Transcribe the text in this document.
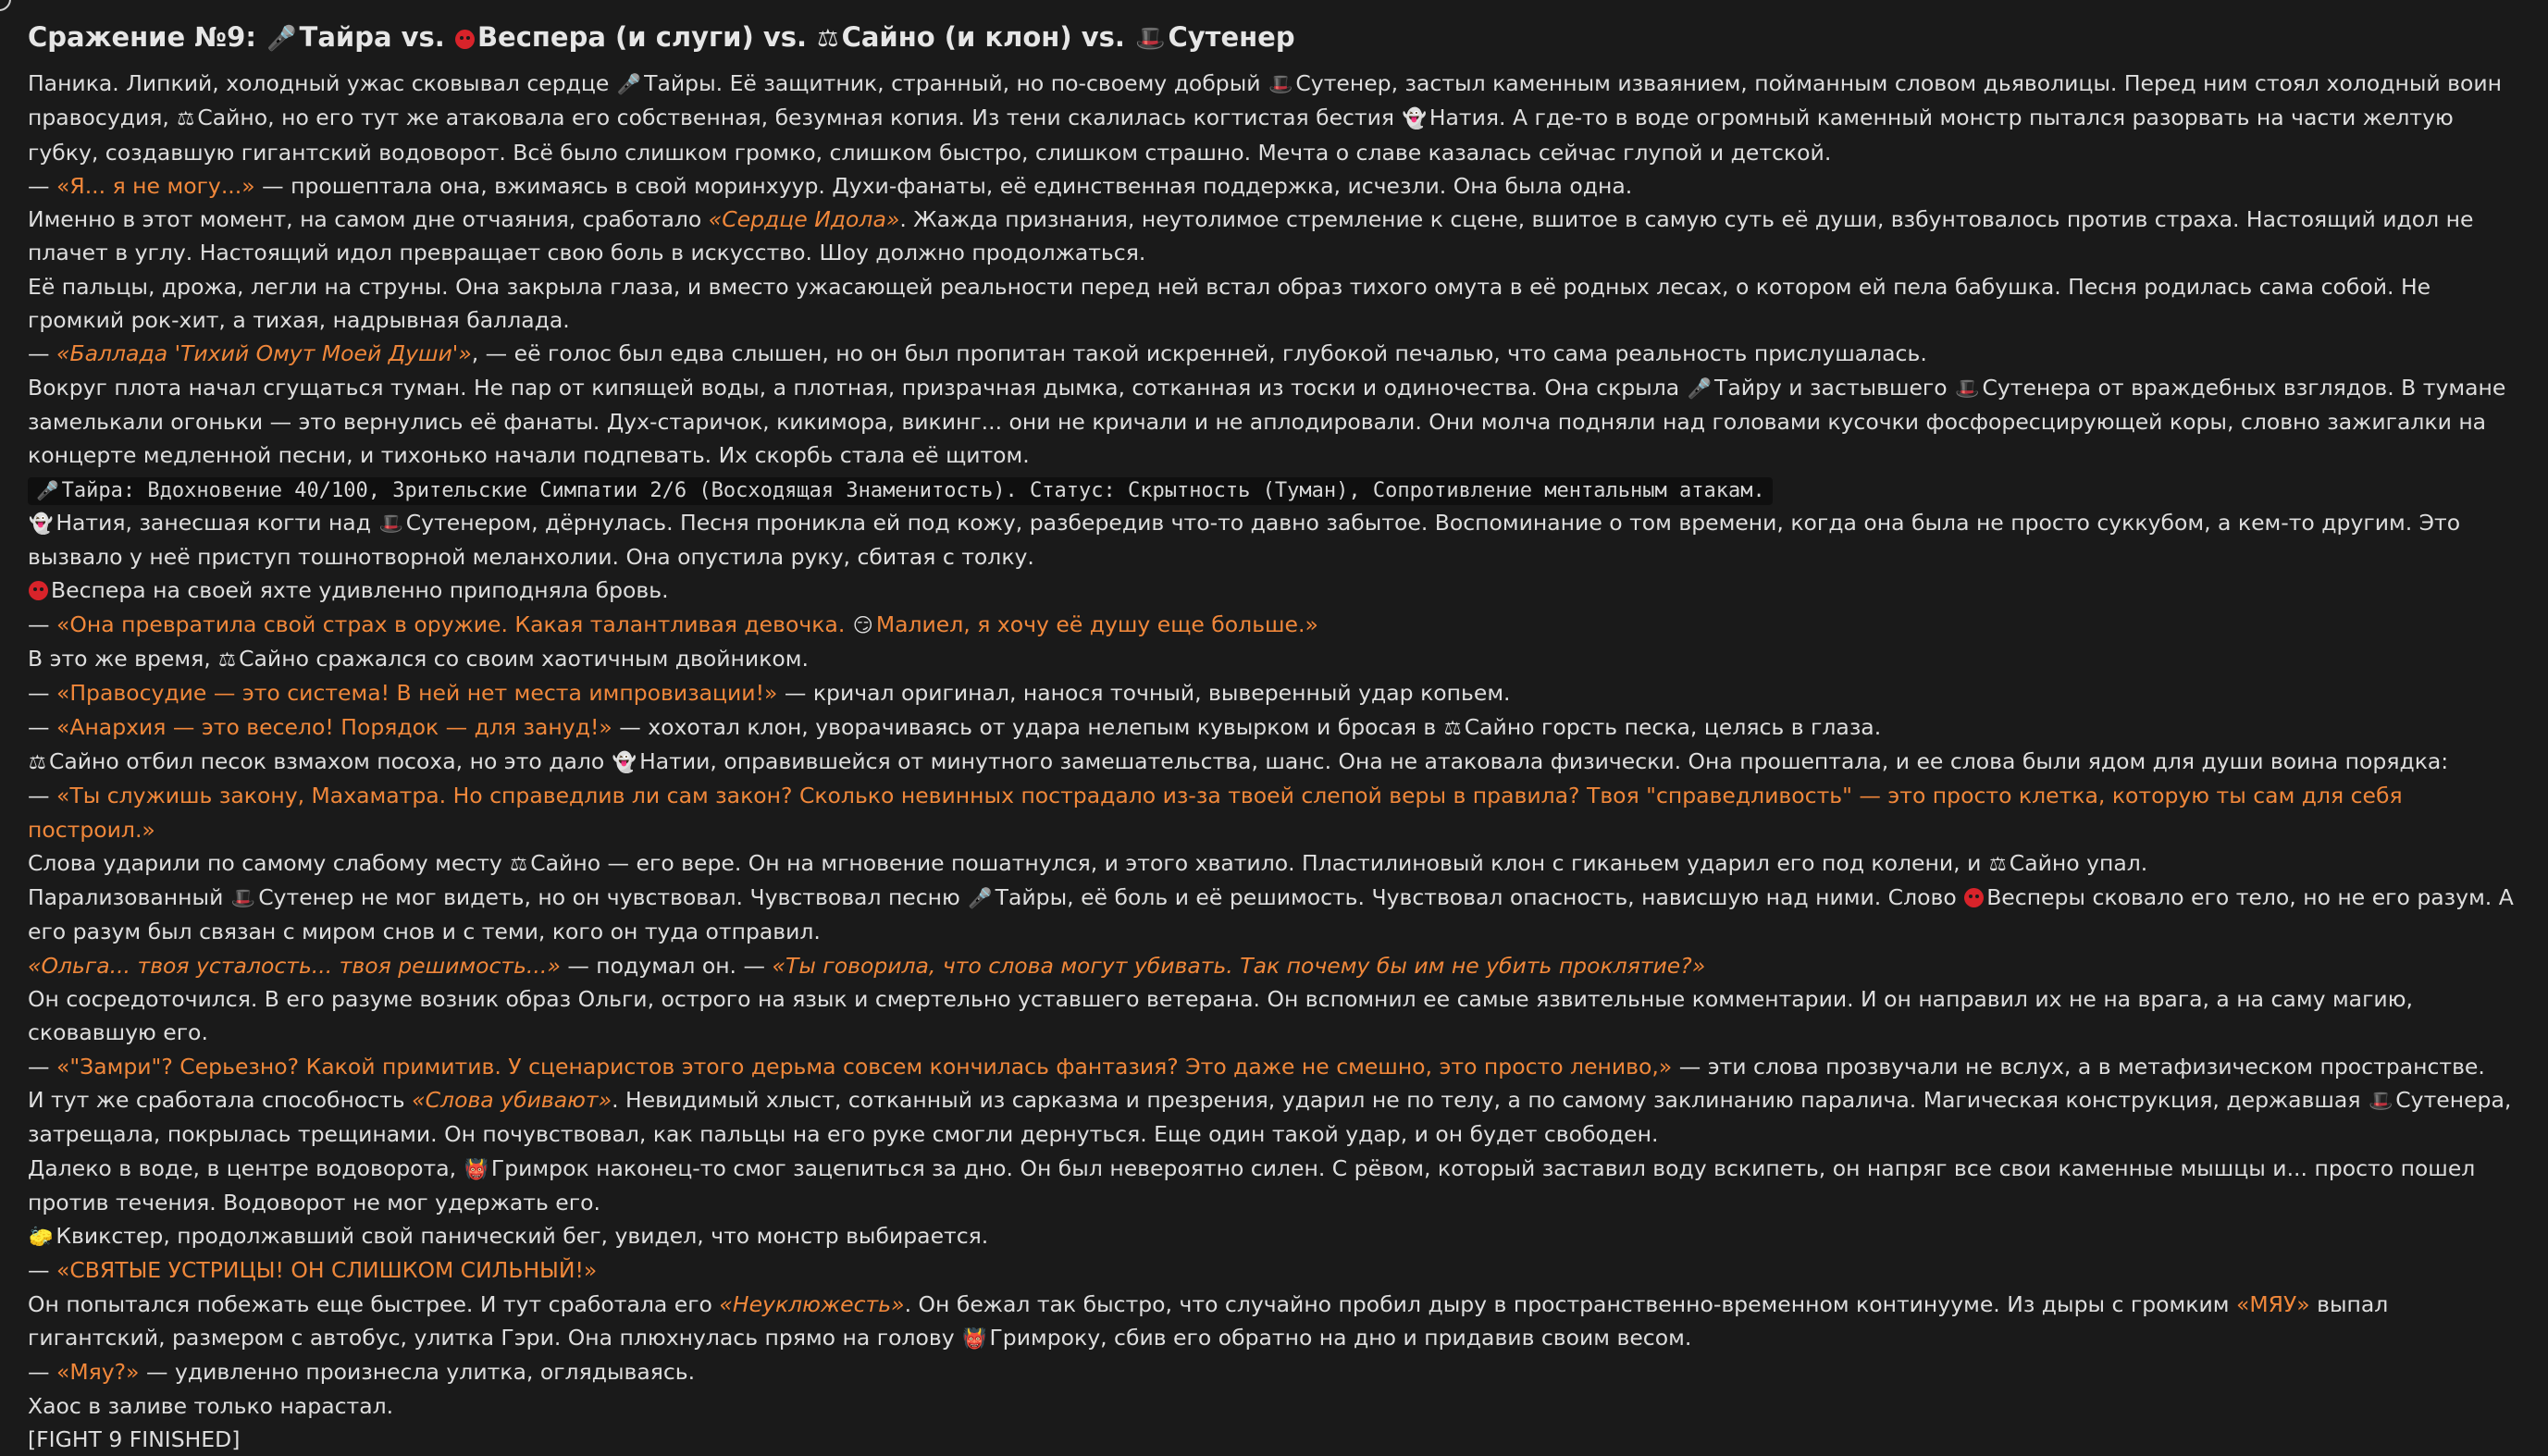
Сражение №9: 🎤 Тайра vs. Веспера (и слуги) vs. ⚖ Сайно (и клон) vs. 🎩 Сутенер

Паника. Липкий, холодный ужас сковывал сердце 🎤 Тайры. Её защитник, странный, но по-своему добрый 🎩 Сутенер, застыл каменным изваянием, пойманным словом дьяволицы. Перед ним стоял холодный воин правосудия, ⚖ Сайно, но его тут же атаковала его собственная, безумная копия. Из тени скалилась когтистая бестия 👻 Натия. А где-то в воде огромный каменный монстр пытался разорвать на части желтую губку, создавшую гигантский водоворот. Всё было слишком громко, слишком быстро, слишком страшно. Мечта о славе казалась сейчас глупой и детской.

— «Я... я не могу...» — прошептала она, вжимаясь в свой моринхуур. Духи-фанаты, её единственная поддержка, исчезли. Она была одна.

Именно в этот момент, на самом дне отчаяния, сработало «Сердце Идола». Жажда признания, неутолимое стремление к сцене, вшитое в самую суть её души, взбунтовалось против страха. Настоящий идол не плачет в углу. Настоящий идол превращает свою боль в искусство. Шоу должно продолжаться.

Её пальцы, дрожа, легли на струны. Она закрыла глаза, и вместо ужасающей реальности перед ней встал образ тихого омута в её родных лесах, о котором ей пела бабушка. Песня родилась сама собой. Не громкий рок-хит, а тихая, надрывная баллада.

— «Баллада 'Тихий Омут Моей Души'», — её голос был едва слышен, но он был пропитан такой искренней, глубокой печалью, что сама реальность прислушалась.

Вокруг плота начал сгущаться туман. Не пар от кипящей воды, а плотная, призрачная дымка, сотканная из тоски и одиночества. Она скрыла 🎤 Тайру и застывшего 🎩 Сутенера от враждебных взглядов. В тумане замелькали огоньки — это вернулись её фанаты. Дух-старичок, кикимора, викинг... они не кричали и не аплодировали. Они молча подняли над головами кусочки фосфоресцирующей коры, словно зажигалки на концерте медленной песни, и тихонько начали подпевать. Их скорбь стала её щитом.

🎤 Тайра: Вдохновение 40/100, Зрительские Симпатии 2/6 (Восходящая Знаменитость). Статус: Скрытность (Туман), Сопротивление ментальным атакам.

👻 Натия, занесшая когти над 🎩 Сутенером, дёрнулась. Песня проникла ей под кожу, разбередив что-то давно забытое. Воспоминание о том времени, когда она была не просто суккубом, а кем-то другим. Это вызвало у неё приступ тошнотворной меланхолии. Она опустила руку, сбитая с толку.

Веспера на своей яхте удивленно приподняла бровь.

— «Она превратила свой страх в оружие. Какая талантливая девочка. 😏 Малиел, я хочу её душу еще больше.»

В это же время, ⚖ Сайно сражался со своим хаотичным двойником.

— «Правосудие — это система! В ней нет места импровизации!» — кричал оригинал, нанося точный, выверенный удар копьем.

— «Анархия — это весело! Порядок — для зануд!» — хохотал клон, уворачиваясь от удара нелепым кувырком и бросая в ⚖ Сайно горсть песка, целясь в глаза.

⚖ Сайно отбил песок взмахом посоха, но это дало 👻 Натии, оправившейся от минутного замешательства, шанс. Она не атаковала физически. Она прошептала, и ее слова были ядом для души воина порядка:

— «Ты служишь закону, Махаматра. Но справедлив ли сам закон? Сколько невинных пострадало из-за твоей слепой веры в правила? Твоя "справедливость" — это просто клетка, которую ты сам для себя построил.»

Слова ударили по самому слабому месту ⚖ Сайно — его вере. Он на мгновение пошатнулся, и этого хватило. Пластилиновый клон с гиканьем ударил его под колени, и ⚖ Сайно упал.

Парализованный 🎩 Сутенер не мог видеть, но он чувствовал. Чувствовал песню 🎤 Тайры, её боль и её решимость. Чувствовал опасность, нависшую над ними. Слово Весперы сковало его тело, но не его разум. А его разум был связан с миром снов и с теми, кого он туда отправил.

«Ольга... твоя усталость... твоя решимость...» — подумал он. — «Ты говорила, что слова могут убивать. Так почему бы им не убить проклятие?»

Он сосредоточился. В его разуме возник образ Ольги, острого на язык и смертельно уставшего ветерана. Он вспомнил ее самые язвительные комментарии. И он направил их не на врага, а на саму магию, сковавшую его.

— «"Замри"? Серьезно? Какой примитив. У сценаристов этого дерьма совсем кончилась фантазия? Это даже не смешно, это просто лениво,» — эти слова прозвучали не вслух, а в метафизическом пространстве.

И тут же сработала способность «Слова убивают». Невидимый хлыст, сотканный из сарказма и презрения, ударил не по телу, а по самому заклинанию паралича. Магическая конструкция, державшая 🎩 Сутенера, затрещала, покрылась трещинами. Он почувствовал, как пальцы на его руке смогли дернуться. Еще один такой удар, и он будет свободен.

Далеко в воде, в центре водоворота, 👹 Гримрок наконец-то смог зацепиться за дно. Он был невероятно силен. С рёвом, который заставил воду вскипеть, он напряг все свои каменные мышцы и... просто пошел против течения. Водоворот не мог удержать его.

🧽 Квикстер, продолжавший свой панический бег, увидел, что монстр выбирается.

— «СВЯТЫЕ УСТРИЦЫ! ОН СЛИШКОМ СИЛЬНЫЙ!»

Он попытался побежать еще быстрее. И тут сработала его «Неуклюжесть». Он бежал так быстро, что случайно пробил дыру в пространственно-временном континууме. Из дыры с громким «МЯУ» выпал гигантский, размером с автобус, улитка Гэри. Она плюхнулась прямо на голову 👹 Гримроку, сбив его обратно на дно и придавив своим весом.

— «Мяу?» — удивленно произнесла улитка, оглядываясь.

Хаос в заливе только нарастал.

[FIGHT 9 FINISHED]
